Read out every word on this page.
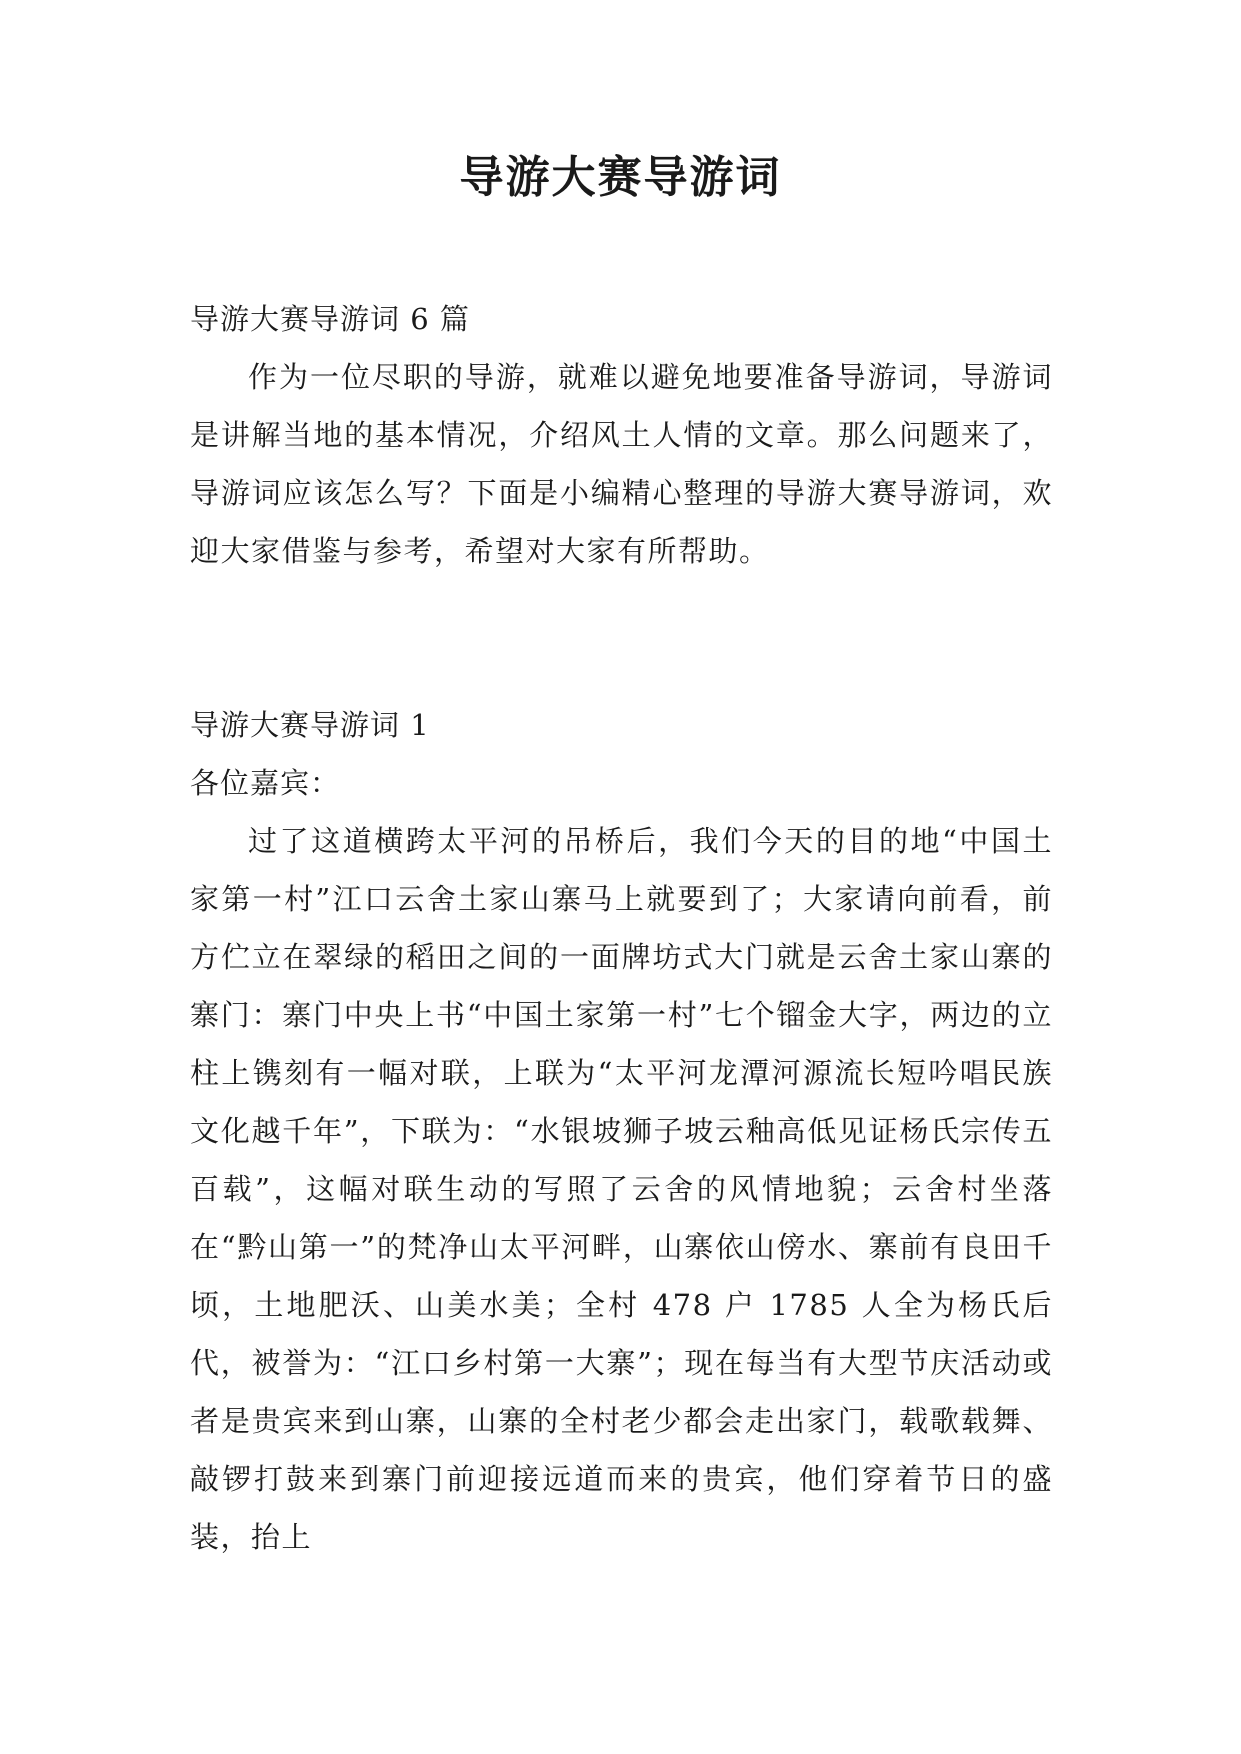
导游大赛导游词

导游大赛导游词 6 篇

作为一位尽职的导游，就难以避免地要准备导游词，导游词是讲解当地的基本情况，介绍风土人情的文章。那么问题来了，导游词应该怎么写？下面是小编精心整理的导游大赛导游词，欢迎大家借鉴与参考，希望对大家有所帮助。

导游大赛导游词 1

各位嘉宾：

过了这道横跨太平河的吊桥后，我们今天的目的地“中国土家第一村”江口云舍土家山寨马上就要到了；大家请向前看，前方伫立在翠绿的稻田之间的一面牌坊式大门就是云舍土家山寨的寨门：寨门中央上书“中国土家第一村”七个镏金大字，两边的立柱上镌刻有一幅对联，上联为“太平河龙潭河源流长短吟唱民族文化越千年”，下联为：“水银坡狮子坡云釉高低见证杨氏宗传五百载”，这幅对联生动的写照了云舍的风情地貌；云舍村坐落在“黔山第一”的梵净山太平河畔，山寨依山傍水、寨前有良田千顷，土地肥沃、山美水美；全村 478 户 1785 人全为杨氏后代，被誉为：“江口乡村第一大寨”；现在每当有大型节庆活动或者是贵宾来到山寨，山寨的全村老少都会走出家门，载歌载舞、敲锣打鼓来到寨门前迎接远道而来的贵宾，他们穿着节日的盛装，抬上
